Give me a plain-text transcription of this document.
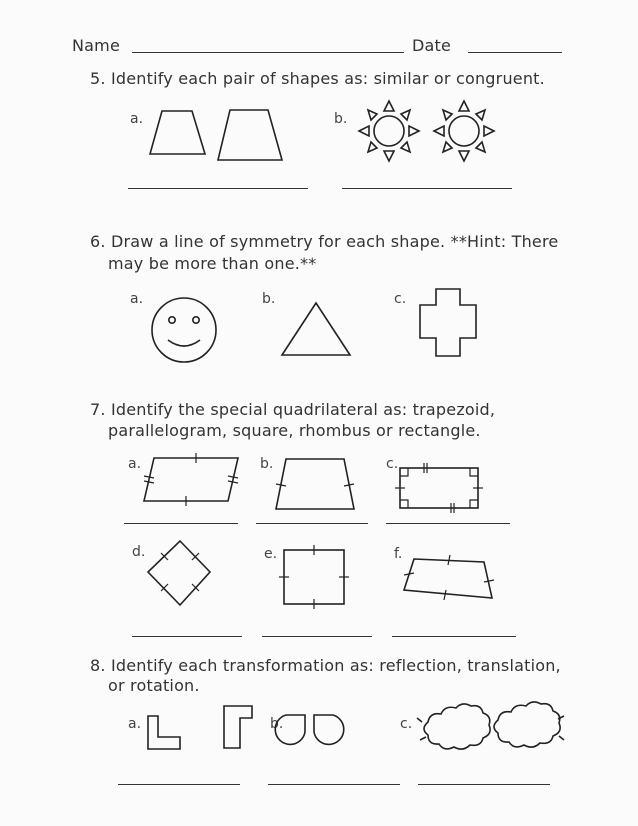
Name	Date
5. Identify each pair of shapes as: similar or congruent.
a.	b.
6. Draw a line of symmetry for each shape. **Hint: There
may be more than one.**
a.	b.	c.
7. Identify the special quadrilateral as: trapezoid,
parallelogram, square, rhombus or rectangle.
a.	b.	c.
d.	e.	f.
8. Identify each transformation as: reflection, translation,
or rotation.
a.	b.	c.
